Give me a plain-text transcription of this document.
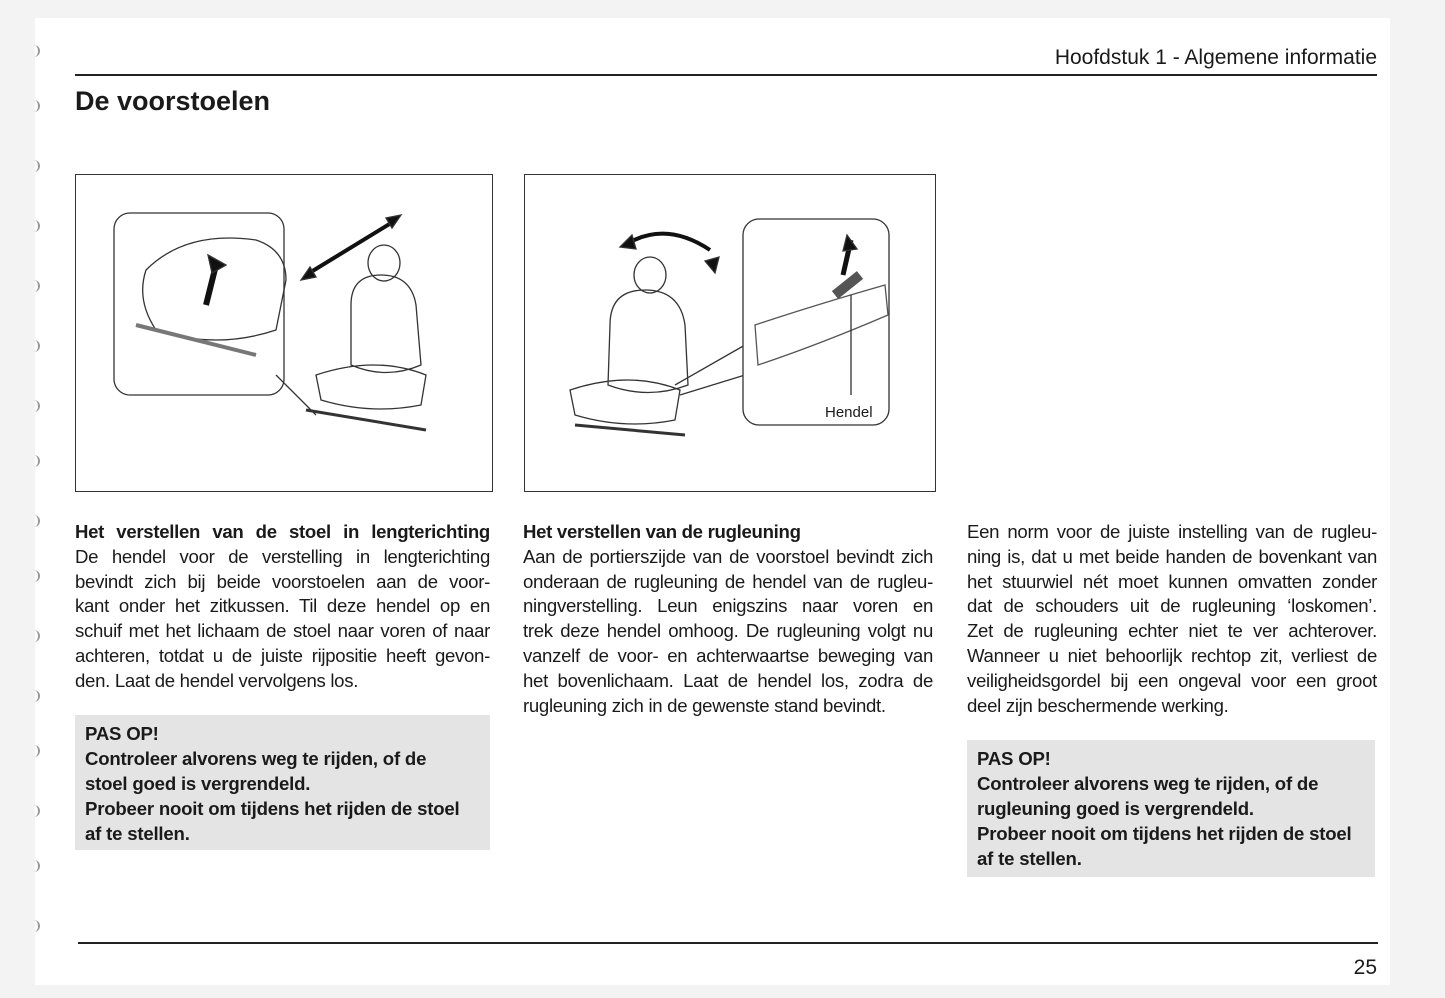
Hoofdstuk 1 - Algemene informatie
De voorstoelen
Hendel
Het verstellen van de stoel in lengterichting
De hendel voor de verstelling in lengterichting
bevindt zich bij beide voorstoelen aan de voor-
kant onder het zitkussen. Til deze hendel op en
schuif met het lichaam de stoel naar voren of naar
achteren, totdat u de juiste rijpositie heeft gevon-
den. Laat de hendel vervolgens los.
PAS OP!
Controleer alvorens weg te rijden, of de
stoel goed is vergrendeld.
Probeer nooit om tijdens het rijden de stoel
af te stellen.
Het verstellen van de rugleuning
Aan de portierszijde van de voorstoel bevindt zich
onderaan de rugleuning de hendel van de rugleu-
ningverstelling. Leun enigszins naar voren en
trek deze hendel omhoog. De rugleuning volgt nu
vanzelf de voor- en achterwaartse beweging van
het bovenlichaam. Laat de hendel los, zodra de
rugleuning zich in de gewenste stand bevindt.
Een norm voor de juiste instelling van de rugleu-
ning is, dat u met beide handen de bovenkant van
het stuurwiel nét moet kunnen omvatten zonder
dat de schouders uit de rugleuning ‘loskomen’.
Zet de rugleuning echter niet te ver achterover.
Wanneer u niet behoorlijk rechtop zit, verliest de
veiligheidsgordel bij een ongeval voor een groot
deel zijn beschermende werking.
PAS OP!
Controleer alvorens weg te rijden, of de
rugleuning goed is vergrendeld.
Probeer nooit om tijdens het rijden de stoel
af te stellen.
25
